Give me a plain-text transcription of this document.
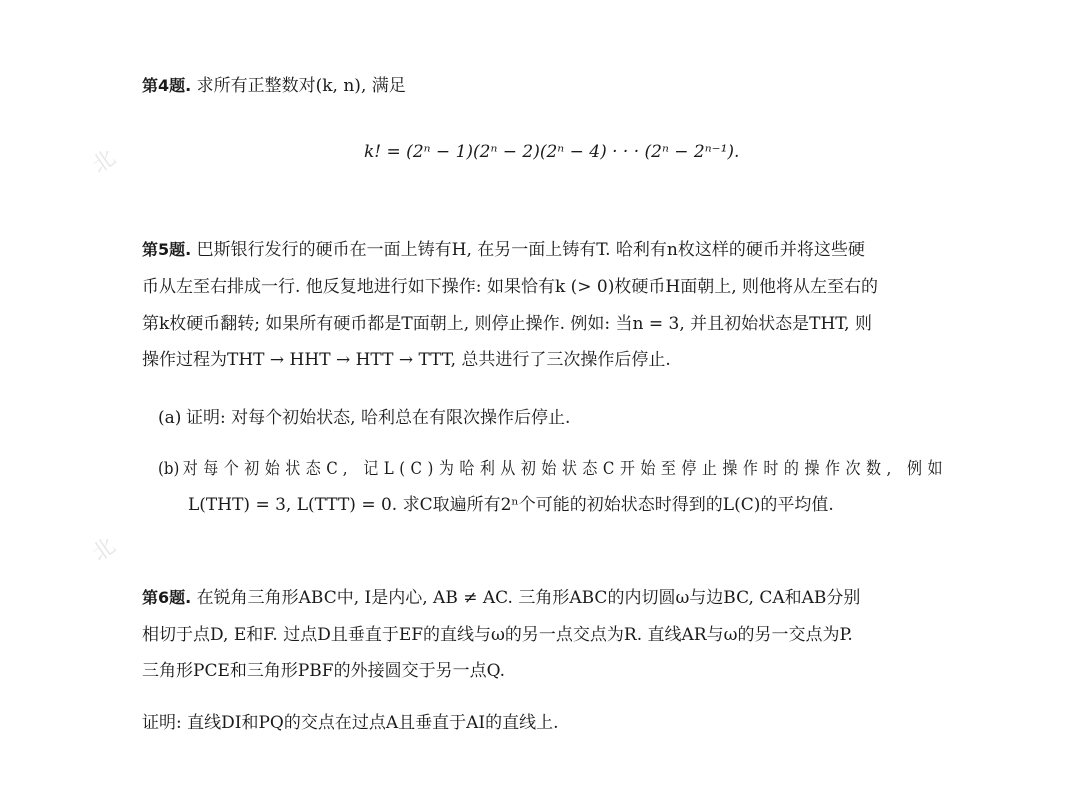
北
北
第4题. 求所有正整数对(k, n), 满足
k! = (2ⁿ − 1)(2ⁿ − 2)(2ⁿ − 4) · · · (2ⁿ − 2ⁿ⁻¹).
第5题. 巴斯银行发行的硬币在一面上铸有H, 在另一面上铸有T. 哈利有n枚这样的硬币并将这些硬
币从左至右排成一行. 他反复地进行如下操作: 如果恰有k (> 0)枚硬币H面朝上, 则他将从左至右的
第k枚硬币翻转; 如果所有硬币都是T面朝上, 则停止操作. 例如: 当n = 3, 并且初始状态是THT, 则
操作过程为THT → HHT → HTT → TTT, 总共进行了三次操作后停止.
(a) 证明: 对每个初始状态, 哈利总在有限次操作后停止.
(b) 对每个初始状态C, 记L(C)为哈利从初始状态C开始至停止操作时的操作次数, 例如
L(THT) = 3, L(TTT) = 0. 求C取遍所有2ⁿ个可能的初始状态时得到的L(C)的平均值.
第6题. 在锐角三角形ABC中, I是内心, AB ≠ AC. 三角形ABC的内切圆ω与边BC, CA和AB分别
相切于点D, E和F. 过点D且垂直于EF的直线与ω的另一点交点为R. 直线AR与ω的另一交点为P.
三角形PCE和三角形PBF的外接圆交于另一点Q.
证明: 直线DI和PQ的交点在过点A且垂直于AI的直线上.
